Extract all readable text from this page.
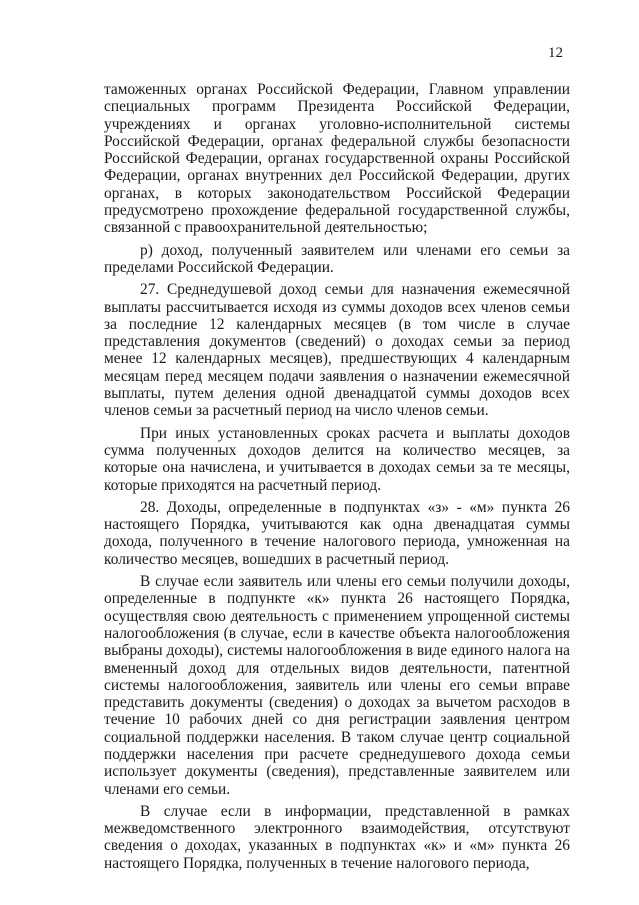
12

таможенных органах Российской Федерации, Главном управлении специальных программ Президента Российской Федерации, учреждениях и органах уголовно-исполнительной системы Российской Федерации, органах федеральной службы безопасности Российской Федерации, органах государственной охраны Российской Федерации, органах внутренних дел Российской Федерации, других органах, в которых законодательством Российской Федерации предусмотрено прохождение федеральной государственной службы, связанной с правоохранительной деятельностью;

р) доход, полученный заявителем или членами его семьи за пределами Российской Федерации.

27. Среднедушевой доход семьи для назначения ежемесячной выплаты рассчитывается исходя из суммы доходов всех членов семьи за последние 12 календарных месяцев (в том числе в случае представления документов (сведений) о доходах семьи за период менее 12 календарных месяцев), предшествующих 4 календарным месяцам перед месяцем подачи заявления о назначении ежемесячной выплаты, путем деления одной двенадцатой суммы доходов всех членов семьи за расчетный период на число членов семьи.

При иных установленных сроках расчета и выплаты доходов сумма полученных доходов делится на количество месяцев, за которые она начислена, и учитывается в доходах семьи за те месяцы, которые приходятся на расчетный период.

28. Доходы, определенные в подпунктах «з» - «м» пункта 26 настоящего Порядка, учитываются как одна двенадцатая суммы дохода, полученного в течение налогового периода, умноженная на количество месяцев, вошедших в расчетный период.

В случае если заявитель или члены его семьи получили доходы, определенные в подпункте «к» пункта 26 настоящего Порядка, осуществляя свою деятельность с применением упрощенной системы налогообложения (в случае, если в качестве объекта налогообложения выбраны доходы), системы налогообложения в виде единого налога на вмененный доход для отдельных видов деятельности, патентной системы налогообложения, заявитель или члены его семьи вправе представить документы (сведения) о доходах за вычетом расходов в течение 10 рабочих дней со дня регистрации заявления центром социальной поддержки населения. В таком случае центр социальной поддержки населения при расчете среднедушевого дохода семьи использует документы (сведения), представленные заявителем или членами его семьи.

В случае если в информации, представленной в рамках межведомственного электронного взаимодействия, отсутствуют сведения о доходах, указанных в подпунктах «к» и «м» пункта 26 настоящего Порядка, полученных в течение налогового периода,
